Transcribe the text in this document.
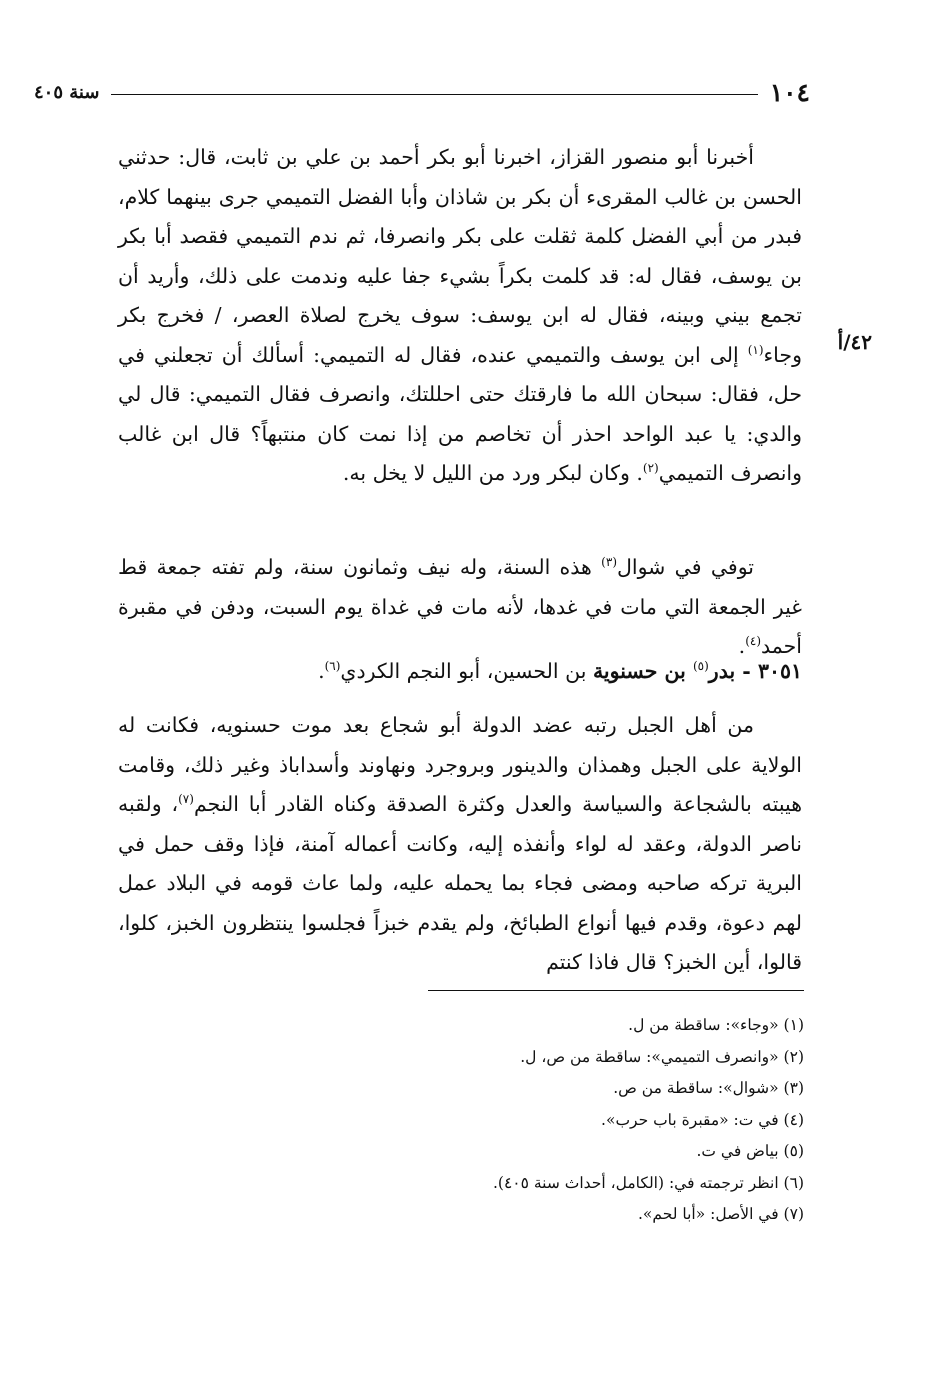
١٠٤
سنة ٤٠٥
٤٢/أ

أخبرنا أبو منصور القزاز، اخبرنا أبو بكر أحمد بن علي بن ثابت، قال: حدثني الحسن بن غالب المقرىء أن بكر بن شاذان وأبا الفضل التميمي جرى بينهما كلام، فبدر من أبي الفضل كلمة ثقلت على بكر وانصرفا، ثم ندم التميمي فقصد أبا بكر بن يوسف، فقال له: قد كلمت بكراً بشيء جفا عليه وندمت على ذلك، وأريد أن تجمع بيني وبينه، فقال له ابن يوسف: سوف يخرج لصلاة العصر، / فخرج بكر وجاء$^{(١)}$ إلى ابن يوسف والتميمي عنده، فقال له التميمي: أسألك أن تجعلني في حل، فقال: سبحان الله ما فارقتك حتى احللتك، وانصرف فقال التميمي: قال لي والدي: يا عبد الواحد احذر أن تخاصم من إذا نمت كان منتبهاً؟ قال ابن غالب وانصرف التميمي$^{(٢)}$. وكان لبكر ورد من الليل لا يخل به.

توفي في شوال$^{(٣)}$ هذه السنة، وله نيف وثمانون سنة، ولم تفته جمعة قط غير الجمعة التي مات في غدها، لأنه مات في غداة يوم السبت، ودفن في مقبرة أحمد$^{(٤)}$.

٣٠٥١ - بدر$^{(٥)}$ بن حسنوية بن الحسين، أبو النجم الكردي$^{(٦)}$.

من أهل الجبل رتبه عضد الدولة أبو شجاع بعد موت حسنويه، فكانت له الولاية على الجبل وهمذان والدينور وبروجرد ونهاوند وأسداباذ وغير ذلك، وقامت هيبته بالشجاعة والسياسة والعدل وكثرة الصدقة وكناه القادر أبا النجم$^{(٧)}$، ولقبه ناصر الدولة، وعقد له لواء وأنفذه إليه، وكانت أعماله آمنة، فإذا وقف حمل في البرية تركه صاحبه ومضى فجاء بما يحمله عليه، ولما عاث قومه في البلاد عمل لهم دعوة، وقدم فيها أنواع الطبائخ، ولم يقدم خبزاً فجلسوا ينتظرون الخبز، كلوا، قالوا، أين الخبز؟ قال فاذا كنتم

(١) «وجاء»: ساقطة من ل.
(٢) «وانصرف التميمي»: ساقطة من ص، ل.
(٣) «شوال»: ساقطة من ص.
(٤) في ت: «مقبرة باب حرب».
(٥) بياض في ت.
(٦) انظر ترجمته في: (الكامل، أحداث سنة ٤٠٥).
(٧) في الأصل: «أبا لحم».
